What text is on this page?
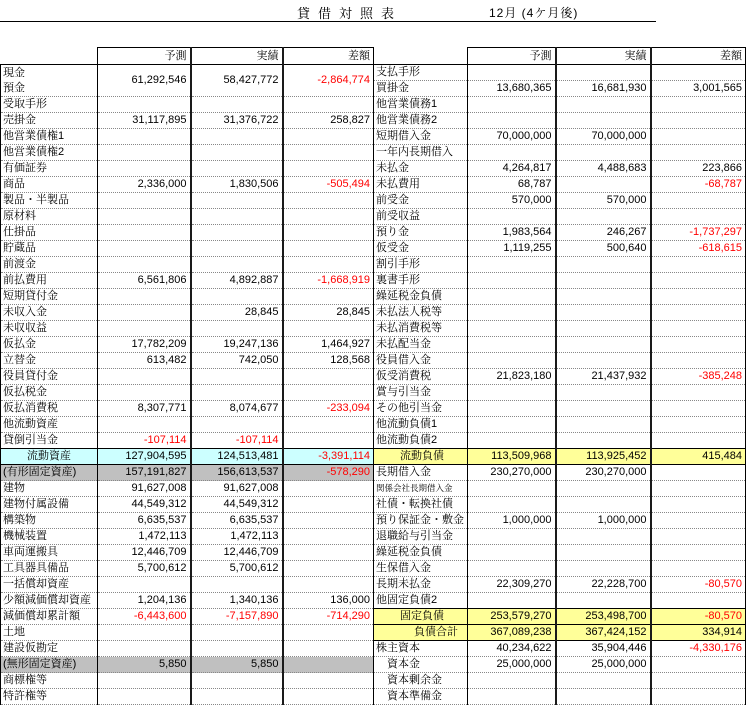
貸借対照表	12月 (4ケ月後)
	予測	実績	差額

現金
預金	61,292,546	58,427,772	-2,864,774
受取手形			
売掛金	31,117,895	31,376,722	258,827
他営業債権1			
他営業債権2			
有価証券			
商品	2,336,000	1,830,506	-505,494
製品・半製品			
原材料			
仕掛品			
貯蔵品			
前渡金			
前払費用	6,561,806	4,892,887	-1,668,919
短期貸付金			
未収入金		28,845	28,845
未収収益			
仮払金	17,782,209	19,247,136	1,464,927
立替金	613,482	742,050	128,568
役員貸付金			
仮払税金			
仮払消費税	8,307,771	8,074,677	-233,094
他流動資産			
貸倒引当金	-107,114	-107,114	
流動資産	127,904,595	124,513,481	-3,391,114
(有形固定資産)	157,191,827	156,613,537	-578,290
建物	91,627,008	91,627,008	
建物付属設備	44,549,312	44,549,312	
構築物	6,635,537	6,635,537	
機械装置	1,472,113	1,472,113	
車両運搬具	12,446,709	12,446,709	
工具器具備品	5,700,612	5,700,612	
一括償却資産			
少額減価償却資産	1,204,136	1,340,136	136,000
減価償却累計額	-6,443,600	-7,157,890	-714,290
土地			
建設仮勘定			
(無形固定資産)	5,850	5,850	
商標権等			
特許権等			
	予測	実績	差額
支払手形			
買掛金	13,680,365	16,681,930	3,001,565
他営業債務1			
他営業債務2			
短期借入金	70,000,000	70,000,000	
一年内長期借入			
未払金	4,264,817	4,488,683	223,866
未払費用	68,787		-68,787
前受金	570,000	570,000	
前受収益			
預り金	1,983,564	246,267	-1,737,297
仮受金	1,119,255	500,640	-618,615
割引手形			
裏書手形			
繰延税金負債			
未払法人税等			
未払消費税等			
未払配当金			
役員借入金			
仮受消費税	21,823,180	21,437,932	-385,248
賞与引当金			
その他引当金			
他流動負債1			
他流動負債2			
流動負債	113,509,968	113,925,452	415,484
長期借入金	230,270,000	230,270,000	
関係会社長期借入金			
社債・転換社債			
預り保証金・敷金	1,000,000	1,000,000	
退職給与引当金			
繰延税金負債			
生保借入金			
長期未払金	22,309,270	22,228,700	-80,570
他固定負債2			
固定負債	253,579,270	253,498,700	-80,570
負債合計	367,089,238	367,424,152	334,914
株主資本	40,234,622	35,904,446	-4,330,176
資本金	25,000,000	25,000,000	
資本剰余金			
資本準備金			
